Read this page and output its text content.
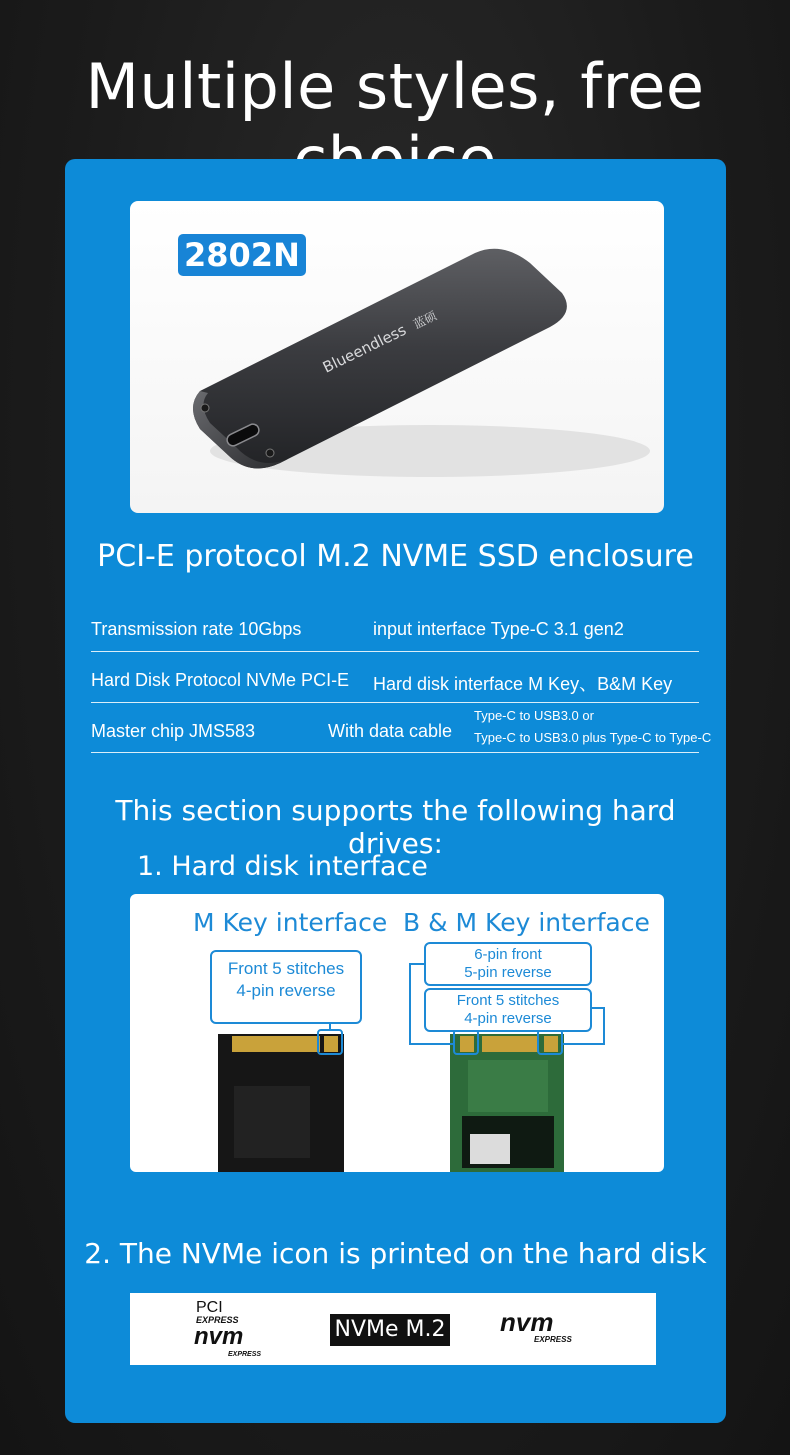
Multiple styles, free
2802N
Blueendless
蓝硕
PCI-E protocol M.2 NVME SSD enclosure
Transmission rate 10Gbps	input interface Type-C 3.1 gen2
Hard Disk Protocol NVMe PCI-E Hard disk interface M Key、B&M Key
Master chip JMS583	With data cable
Type-C to USB3.0 or
Type-C to USB3.0 plus Type-C to Type-C
This section supports the following hard drives:
1. Hard disk interface
M Key interface B & M Key interface
Front 5 stitches
4-pin reverse
6-pin front
5-pin reverse
Front 5 stitches
4-pin reverse
2. The NVMe icon is printed on the hard disk
PCI
EXPRESS
nvm
EXPRESS
NVMe M.2 nvm
EXPRESS
